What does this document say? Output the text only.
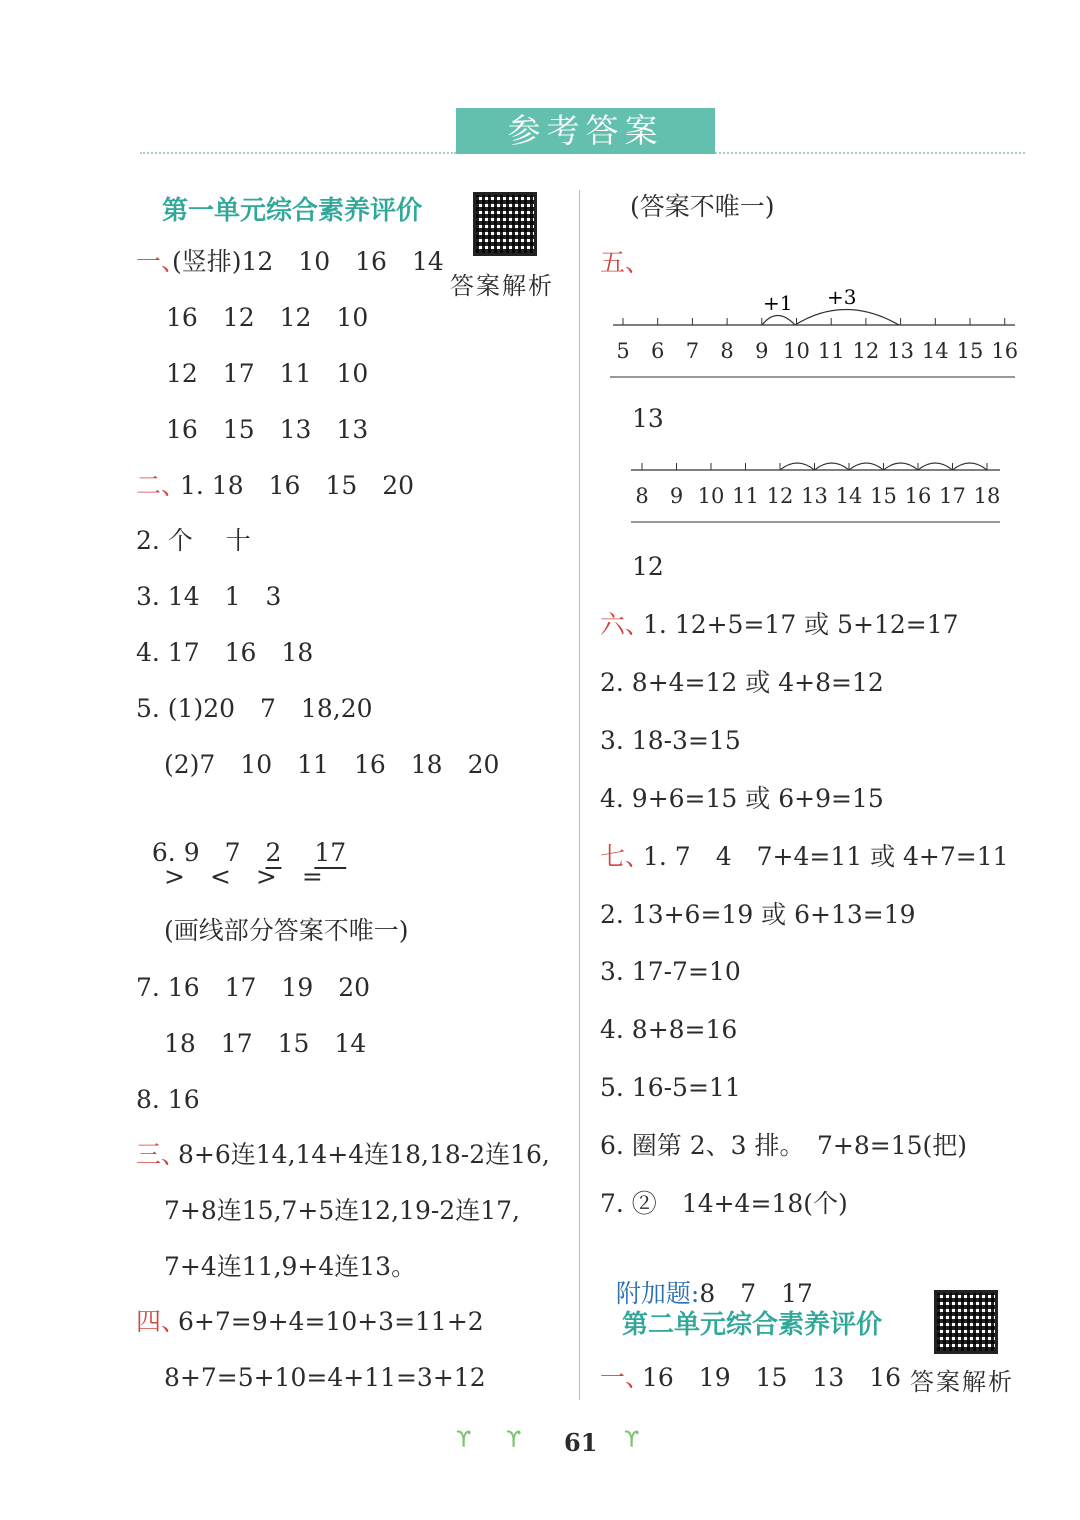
参考答案
第一单元综合素养评价
答案解析
一、
(竖排)12　10　16　14
16　12　12　10
12　17　11　10
16　15　13　13
二、
1. 18　16　15　20
2. 个　 十
3. 14　1　3
4. 17　16　18
5. (1)20　7　18,20
(2)7　10　11　16　18　20

6. 9　7　2　 17

>　<　>　=
(画线部分答案不唯一)
7. 16　17　19　20
18　17　15　14
8. 16
三、
8+6连14,14+4连18,18-2连16,
7+8连15,7+5连12,19-2连17,
7+4连11,9+4连13。
四、
6+7=9+4=10+3=11+2
8+7=5+10=4+11=3+12
(答案不唯一)
五、
5 6 7 8 9 10 11 12 13 14 15 16
+1 +3
13
8 9 10 11 12 13 14 15 16 17 18
12
六、
1. 12+5=17 或 5+12=17
2. 8+4=12 或 4+8=12
3. 18-3=15
4. 9+6=15 或 6+9=15
七、
1. 7　4　7+4=11 或 4+7=11
2. 13+6=19 或 6+13=19
3. 17-7=10
4. 8+8=16
5. 16-5=11
6. 圈第 2、3 排。　7+8=15(把)
7. ②　14+4=18(个)

附加题:8　7　17

第二单元综合素养评价
一、
16　19　15　13　16 答案解析
ϒ ϒ 61 ϒ
